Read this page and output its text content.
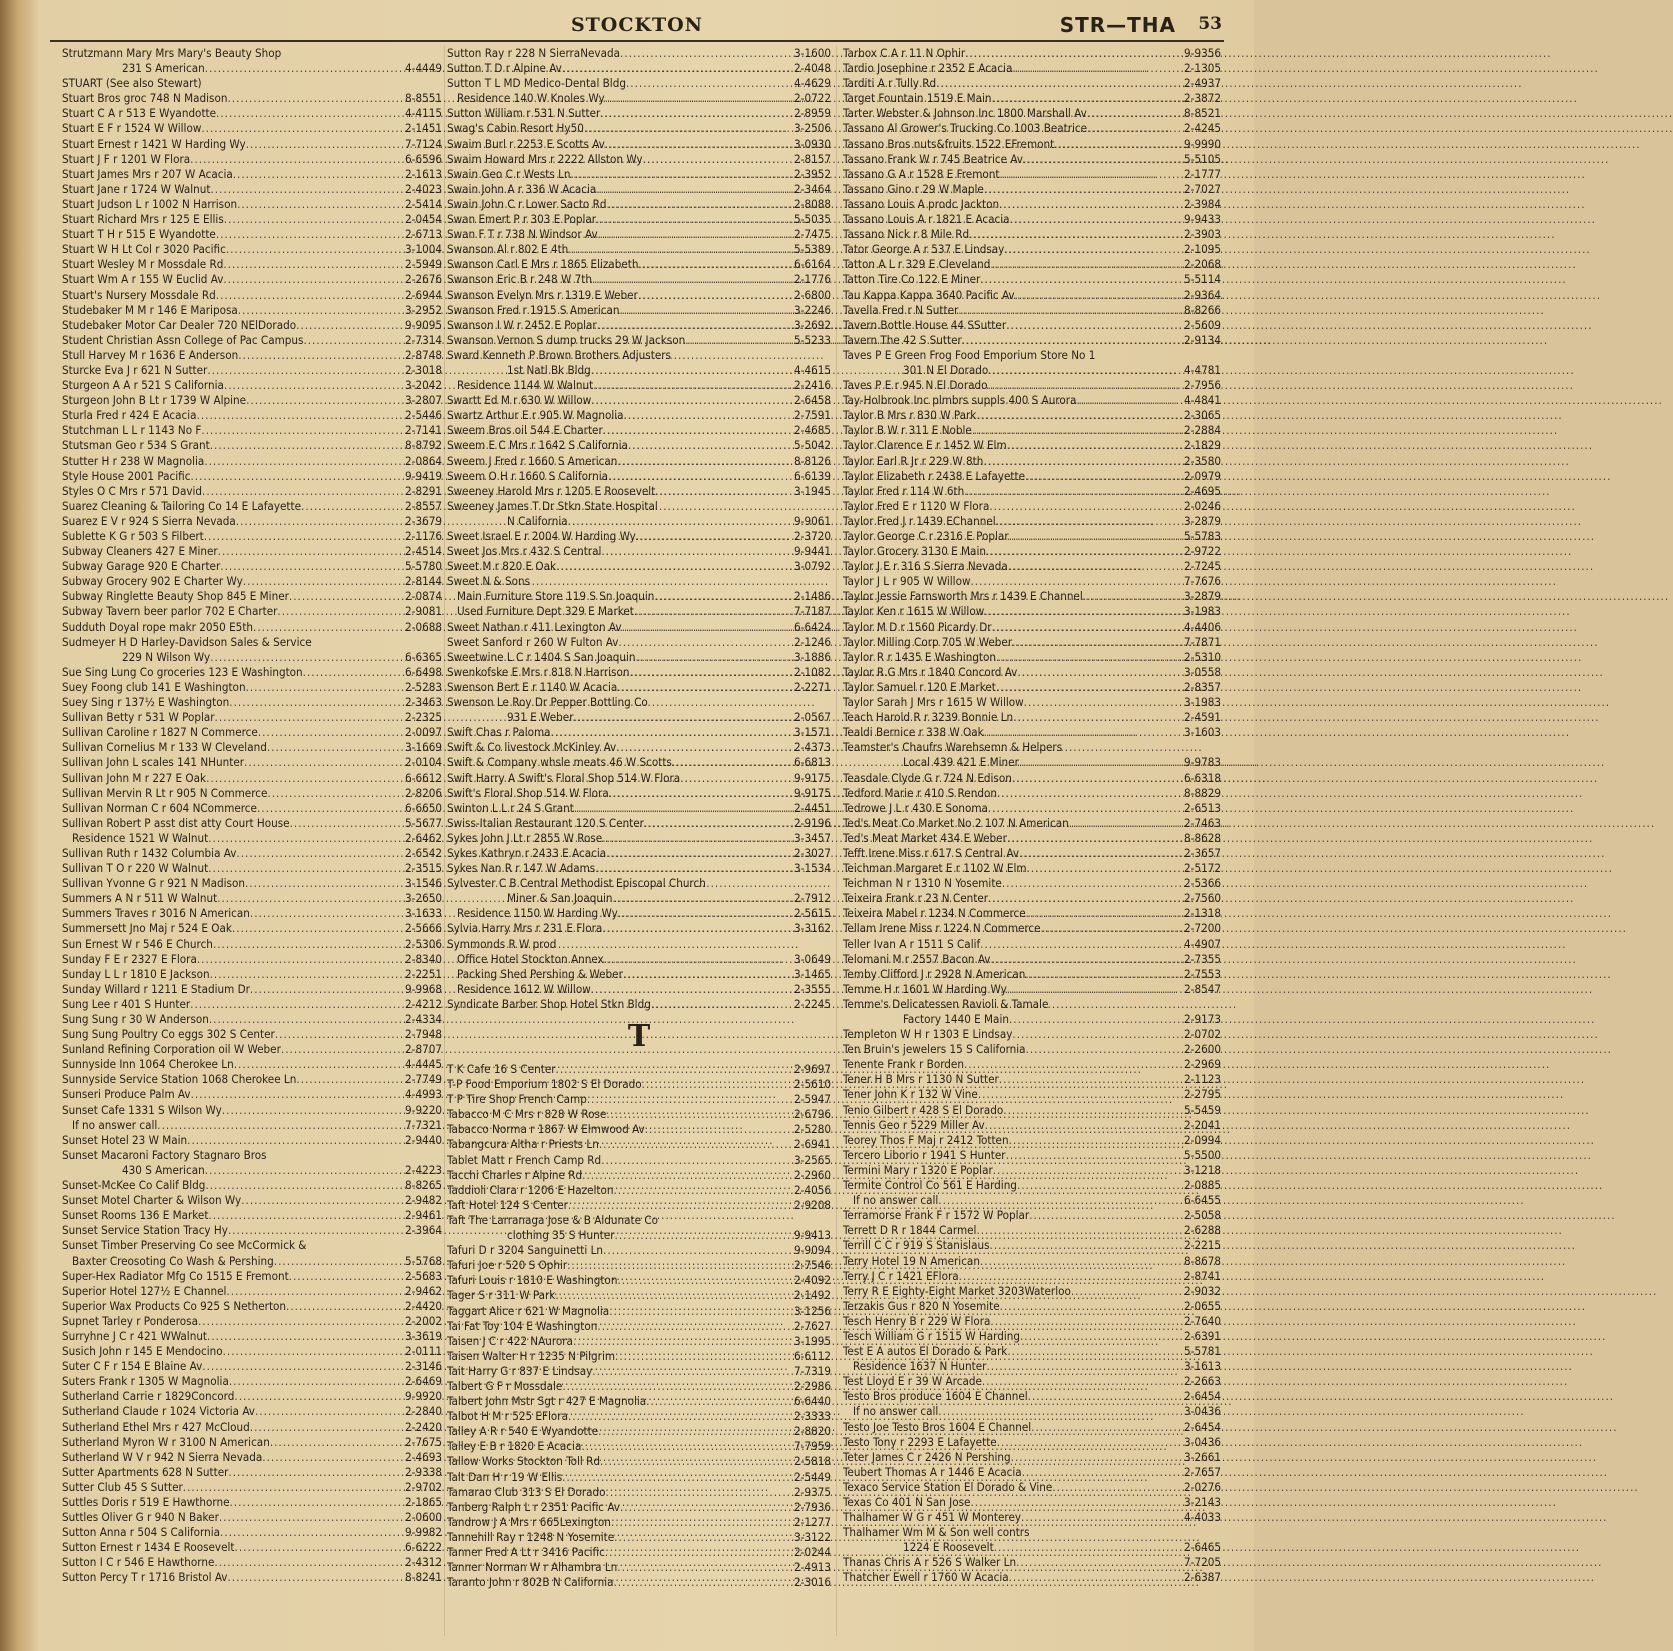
STOCKTON	STR—THA 53
Strutzmann Mary Mrs Mary's Beauty Shop
231 S American .....	4-4449
STUART (See also Stewart)
Stuart Bros groc 748 N Madison .....	8-8551
Stuart C A r 513 E Wyandotte .....	4-4115
Stuart E F r 1524 W Willow .....	2-1451
Stuart Ernest r 1421 W Harding Wy .....	7-7124
Stuart J F r 1201 W Flora .....	6-6596
Stuart James Mrs r 207 W Acacia .....	2-1613
Stuart Jane r 1724 W Walnut .....	2-4023
Stuart Judson L r 1002 N Harrison .....	2-5414
Stuart Richard Mrs r 125 E Ellis .....	2-0454
Stuart T H r 515 E Wyandotte .....	2-6713
Stuart W H Lt Col r 3020 Pacific .....	3-1004
Stuart Wesley M r Mossdale Rd .....	2-5949
Stuart Wm A r 155 W Euclid Av .....	2-2676
Stuart's Nursery Mossdale Rd .....	2-6944
Studebaker M M r 146 E Mariposa .....	3-2952
Studebaker Motor Car Dealer 720 NElDorado .....	9-9095
Student Christian Assn College of Pac Campus .....	2-7314
Stull Harvey M r 1636 E Anderson .....	2-8748
Sturcke Eva J r 621 N Sutter .....	2-3018
Sturgeon A A r 521 S California .....	3-2042
Sturgeon John B Lt r 1739 W Alpine .....	3-2807
Sturla Fred r 424 E Acacia .....	2-5446
Stutchman L L r 1143 No F .....	2-7141
Stutsman Geo r 534 S Grant .....	8-8792
Stutter H r 238 W Magnolia .....	2-0864
Style House 2001 Pacific .....	9-9419
Styles O C Mrs r 571 David .....	2-8291
Suarez Cleaning & Tailoring Co 14 E Lafayette .....	2-8557
Suarez E V r 924 S Sierra Nevada .....	2-3679
Sublette K G r 503 S Filbert .....	2-1176
Subway Cleaners 427 E Miner .....	2-4514
Subway Garage 920 E Charter .....	5-5780
Subway Grocery 902 E Charter Wy .....	2-8144
Subway Ringlette Beauty Shop 845 E Miner .....	2-0874
Subway Tavern beer parlor 702 E Charter .....	2-9081
Sudduth Doyal rope makr 2050 E5th .....	2-0688
Sudmeyer H D Harley-Davidson Sales & Service
229 N Wilson Wy .....	6-6365
Sue Sing Lung Co groceries 123 E Washington .....	6-6498
Suey Foong club 141 E Washington .....	2-5283
Suey Sing r 137½ E Washington .....	2-3463
Sullivan Betty r 531 W Poplar .....	2-2325
Sullivan Caroline r 1827 N Commerce .....	2-0097
Sullivan Cornelius M r 133 W Cleveland .....	3-1669
Sullivan John L scales 141 NHunter .....	2-0104
Sullivan John M r 227 E Oak .....	6-6612
Sullivan Mervin R Lt r 905 N Commerce .....	2-8206
Sullivan Norman C r 604 NCommerce .....	6-6650
Sullivan Robert P asst dist atty Court House .....	5-5677
Residence 1521 W Walnut .....	2-6462
Sullivan Ruth r 1432 Columbia Av .....	2-6542
Sullivan T O r 220 W Walnut .....	2-3515
Sullivan Yvonne G r 921 N Madison .....	3-1546
Summers A N r 511 W Walnut .....	3-2650
Summers Traves r 3016 N American .....	3-1633
Summersett Jno Maj r 524 E Oak .....	2-5666
Sun Ernest W r 546 E Church .....	2-5306
Sunday F E r 2327 E Flora .....	2-8340
Sunday L L r 1810 E Jackson .....	2-2251
Sunday Willard r 1211 E Stadium Dr .....	9-9968
Sung Lee r 401 S Hunter .....	2-4212
Sung Sung r 30 W Anderson .....	2-4334
Sung Sung Poultry Co eggs 302 S Center .....	2-7948
Sunland Refining Corporation oil W Weber .....	2-8707
Sunnyside Inn 1064 Cherokee Ln .....	4-4445
Sunnyside Service Station 1068 Cherokee Ln .....	2-7749
Sunseri Produce Palm Av .....	4-4993
Sunset Cafe 1331 S Wilson Wy .....	9-9220
If no answer call .....	7-7321
Sunset Hotel 23 W Main .....	2-9440
Sunset Macaroni Factory Stagnaro Bros
430 S American .....	2-4223
Sunset-McKee Co Calif Bldg .....	8-8265
Sunset Motel Charter & Wilson Wy .....	2-9482
Sunset Rooms 136 E Market .....	2-9461
Sunset Service Station Tracy Hy .....	2-3964
Sunset Timber Preserving Co see McCormick &
Baxter Creosoting Co Wash & Pershing .....	5-5768
Super-Hex Radiator Mfg Co 1515 E Fremont .....	2-5683
Superior Hotel 127½ E Channel .....	2-9462
Superior Wax Products Co 925 S Netherton .....	2-4420
Supnet Tarley r Ponderosa .....	2-2002
Surryhne J C r 421 WWalnut .....	3-3619
Susich John r 145 E Mendocino .....	2-0111
Suter C F r 154 E Blaine Av .....	2-3146
Suters Frank r 1305 W Magnolia .....	2-6469
Sutherland Carrie r 1829Concord .....	9-9920
Sutherland Claude r 1024 Victoria Av .....	2-2840
Sutherland Ethel Mrs r 427 McCloud .....	2-2420
Sutherland Myron W r 3100 N American .....	2-7675
Sutherland W V r 942 N Sierra Nevada .....	2-4693
Sutter Apartments 628 N Sutter .....	2-9338
Sutter Club 45 S Sutter .....	2-9702
Suttles Doris r 519 E Hawthorne .....	2-1865
Suttles Oliver G r 940 N Baker .....	2-0600
Sutton Anna r 504 S California .....	9-9982
Sutton Ernest r 1434 E Roosevelt .....	6-6222
Sutton I C r 546 E Hawthorne .....	2-4312
Sutton Percy T r 1716 Bristol Av .....	8-8241
Sutton Ray r 228 N SierraNevada .....	3-1600
Sutton T D r Alpine Av .....	2-4048
Sutton T L MD Medico-Dental Bldg .....	4-4629
Residence 140 W Knoles Wy .....	2-0722
Sutton William r 531 N Sutter .....	2-8959
Swag's Cabin Resort Hy50 .....	3-2506
Swaim Burl r 2253 E Scotts Av .....	3-0930
Swaim Howard Mrs r 2222 Allston Wy .....	2-8157
Swain Geo C r Wests Ln .....	2-3952
Swain John A r 336 W Acacia .....	2-3464
Swain John C r Lower Sacto Rd .....	2-8088
Swan Emert P r 303 E Poplar .....	5-5035
Swan F T r 738 N Windsor Av .....	2-7475
Swanson Al r 802 E 4th .....	5-5389
Swanson Carl E Mrs r 1865 Elizabeth .....	6-6164
Swanson Eric B r 248 W 7th .....	2-1776
Swanson Evelyn Mrs r 1319 E Weber .....	2-6800
Swanson Fred r 1915 S American .....	3-2246
Swanson I W r 2452 E Poplar .....	3-2692
Swanson Vernon S dump trucks 29 W Jackson .....	5-5233
Sward Kenneth P Brown Brothers Adjusters
1st Natl Bk Bldg .....	4-4615
Residence 1144 W Walnut .....	2-2416
Swartt Ed M r 630 W Willow .....	2-6458
Swartz Arthur E r 905 W Magnolia .....	2-7591
Sweem Bros oil 544 E Charter .....	2-4685
Sweem E C Mrs r 1642 S California .....	5-5042
Sweem J Fred r 1660 S American .....	8-8126
Sweem O H r 1660 S California .....	6-6139
Sweeney Harold Mrs r 1205 E Roosevelt .....	3-1945
Sweeney James T Dr Stkn State Hospital
N California .....	9-9061
Sweet Israel E r 2004 W Harding Wy .....	2-3720
Sweet Jos Mrs r 432 S Central .....	9-9441
Sweet M r 820 E Oak .....	3-0792
Sweet N & Sons
Main Furniture Store 119 S Sn Joaquin .....	2-1486
Used Furniture Dept 329 E Market .....	7-7187
Sweet Nathan r 411 Lexington Av .....	6-6424
Sweet Sanford r 260 W Fulton Av .....	2-1246
Sweetwine L C r 1404 S San Joaquin .....	3-1886
Swenkofske E Mrs r 818 N Harrison .....	2-1082
Swenson Bert E r 1140 W Acacia .....	2-2271
Swenson Le Roy Dr Pepper Bottling Co
931 E Weber .....	2-0567
Swift Chas r Paloma .....	3-1571
Swift & Co livestock McKinley Av .....	2-4373
Swift & Company whsle meats 46 W Scotts .....	6-6813
Swift Harry A Swift's Floral Shop 514 W Flora .....	9-9175
Swift's Floral Shop 514 W Flora .....	9-9175
Swinton L L r 24 S Grant .....	2-4451
Swiss-Italian Restaurant 120 S Center .....	2-9196
Sykes John J Lt r 2855 W Rose .....	3-3457
Sykes Kathryn r 2433 E Acacia .....	2-3027
Sykes Nan R r 147 W Adams .....	3-1534
Sylvester C B Central Methodist Episcopal Church
Miner & San Joaquin .....	2-7912
Residence 1150 W Harding Wy .....	2-5615
Sylvia Harry Mrs r 231 E Flora .....	3-3162
Symmonds R W prod
Office Hotel Stockton Annex .....	3-0649
Packing Shed Pershing & Weber .....	3-1465
Residence 1612 W Willow .....	2-3555
Syndicate Barber Shop Hotel Stkn Bldg .....	2-2245
T
T K Cafe 16 S Center .....	2-9697
T-P Food Emporium 1802 S El Dorado .....	2-5610
T P Tire Shop French Camp .....	2-5947
Tabacco M C Mrs r 828 W Rose .....	2-6796
Tabacco Norma r 1867 W Elmwood Av .....	2-5280
Tabangcura Altha r Priests Ln .....	2-6941
Tablet Matt r French Camp Rd .....	3-2565
Tacchi Charles r Alpine Rd .....	2-2960
Taddioli Clara r 1206 E Hazelton .....	2-4056
Taft Hotel 124 S Center .....	2-9208
Taft The Larranaga Jose & B Aldunate Co
clothing 35 S Hunter .....	9-9413
Tafuri D r 3204 Sanguinetti Ln .....	9-9094
Tafuri Joe r 520 S Ophir .....	2-7546
Tafuri Louis r 1810 E Washington .....	2-4092
Tager S r 311 W Park .....	2-1492
Taggart Alice r 621 W Magnolia .....	3-1256
Tai Fat Toy 104 E Washington .....	2-7627
Taisen J C r 422 NAurora .....	3-1995
Taisen Walter H r 1235 N Pilgrim .....	6-6112
Tait Harry G r 837 E Lindsay .....	7-7319
Talbert G F r Mossdale .....	2-2986
Talbert John Mstr Sgt r 427 E Magnolia .....	6-6440
Talbot H M r 525 EFlora .....	2-3333
Talley A R r 540 E Wyandotte .....	2-8820
Talley E B r 1820 E Acacia .....	7-7959
Tallow Works Stockton Toll Rd .....	2-5818
Talt Dan H r 19 W Ellis .....	2-5449
Tamarao Club 313 S El Dorado .....	2-9375
Tanberg Ralph L r 2351 Pacific Av .....	2-7936
Tandrow J A Mrs r 665Lexington .....	2-1277
Tannehill Ray r 1248 N Yosemite .....	3-3122
Tanner Fred A Lt r 3416 Pacific .....	2-0244
Tanner Norman W r Alhambra Ln .....	2-4913
Taranto John r 802B N California .....	2-3016
Tarbox C A r 11 N Ophir .....	9-9356
Tardio Josephine r 2352 E Acacia .....	2-1305
Tarditi A r Tully Rd .....	2-4937
Target Fountain 1519 E Main .....	2-3872
Tarter Webster & Johnson Inc 1800 Marshall Av .....	8-8521
Tassano Al Grower's Trucking Co 1003 Beatrice .....	2-4245
Tassano Bros nuts&fruits 1522 EFremont .....	9-9990
Tassano Frank W r 745 Beatrice Av .....	5-5105
Tassano G A r 1528 E Fremont .....	2-1777
Tassano Gino r 29 W Maple .....	2-7027
Tassano Louis A prodc Jackton .....	2-3984
Tassano Louis A r 1821 E Acacia .....	9-9433
Tassano Nick r 8 Mile Rd .....	2-3903
Tator George A r 537 E Lindsay .....	2-1095
Tatton A L r 329 E Cleveland .....	2-2068
Tatton Tire Co 122 E Miner .....	5-5114
Tau Kappa Kappa 3640 Pacific Av .....	2-9364
Tavella Fred r N Sutter .....	8-8266
Tavern Bottle House 44 SSutter .....	2-5609
Tavern The 42 S Sutter .....	2-9134
Taves P E Green Frog Food Emporium Store No 1
301 N El Dorado .....	4-4781
Taves P E r 945 N El Dorado .....	2-7956
Tay-Holbrook Inc plmbrs suppls 400 S Aurora .....	4-4841
Taylor B Mrs r 830 W Park .....	2-3065
Taylor B W r 311 E Noble .....	2-2884
Taylor Clarence E r 1452 W Elm .....	2-1829
Taylor Earl R Jr r 229 W 8th .....	2-3580
Taylor Elizabeth r 2438 E Lafayette .....	2-0979
Taylor Fred r 114 W 6th .....	2-4695
Taylor Fred E r 1120 W Flora .....	2-0246
Taylor Fred J r 1439 EChannel .....	3-2879
Taylor George C r 2316 E Poplar .....	5-5783
Taylor Grocery 3130 E Main .....	2-9722
Taylor J E r 316 S Sierra Nevada .....	2-7245
Taylor J L r 905 W Willow .....	7-7676
Taylor Jessie Farnsworth Mrs r 1439 E Channel .....	3-2879
Taylor Ken r 1615 W Willow .....	3-1983
Taylor M D r 1560 Picardy Dr .....	4-4406
Taylor Milling Corp 705 W Weber .....	7-7871
Taylor R r 1435 E Washington .....	2-5310
Taylor R G Mrs r 1840 Concord Av .....	3-0558
Taylor Samuel r 120 E Market .....	2-8357
Taylor Sarah J Mrs r 1615 W Willow .....	3-1983
Teach Harold R r 3239 Bonnie Ln .....	2-4591
Tealdi Bernice r 338 W Oak .....	3-1603
Teamster's Chaufrs Warehsemn & Helpers
Local 439 421 E Miner .....	9-9783
Teasdale Clyde G r 724 N Edison .....	6-6318
Tedford Marie r 410 S Rendon .....	8-8829
Tedrowe J L r 430 E Sonoma .....	2-6513
Ted's Meat Co Market No 2 107 N American .....	2-7463
Ted's Meat Market 434 E Weber .....	8-8628
Tefft Irene Miss r 617 S Central Av .....	2-3657
Teichman Margaret E r 1102 W Elm .....	2-5172
Teichman N r 1310 N Yosemite .....	2-5366
Teixeira Frank r 23 N Center .....	2-7560
Teixeira Mabel r 1234 N Commerce .....	2-1318
Tellam Irene Miss r 1224 N Commerce .....	2-7200
Teller Ivan A r 1511 S Calif .....	4-4907
Telomani M r 2557 Bacon Av .....	2-7355
Temby Clifford J r 2928 N American .....	2-7553
Temme H r 1601 W Harding Wy .....	2-8547
Temme's Delicatessen Ravioli & Tamale
Factory 1440 E Main .....	2-9173
Templeton W H r 1303 E Lindsay .....	2-0702
Ten Bruin's jewelers 15 S California .....	2-2600
Tenente Frank r Borden .....	2-2969
Tener H B Mrs r 1130 N Sutter .....	2-1123
Tener John K r 132 W Vine .....	2-2795
Tenio Gilbert r 428 S El Dorado .....	5-5459
Tennis Geo r 5229 Miller Av .....	2-2041
Teorey Thos F Maj r 2412 Totten .....	2-0994
Tercero Liborio r 1941 S Hunter .....	5-5500
Termini Mary r 1320 E Poplar .....	3-1218
Termite Control Co 561 E Harding .....	2-0885
If no answer call .....	6-6455
Terramorse Frank F r 1572 W Poplar .....	2-5058
Terrett D R r 1844 Carmel .....	2-6288
Terrill C C r 919 S Stanislaus .....	2-2215
Terry Hotel 19 N American .....	8-8678
Terry J C r 1421 EFlora .....	2-8741
Terry R E Eighty-Eight Market 3203Waterloo .....	2-9032
Terzakis Gus r 820 N Yosemite .....	2-0655
Tesch Henry B r 229 W Flora .....	2-7640
Tesch William G r 1515 W Harding .....	2-6391
Test E A autos El Dorado & Park .....	5-5781
Residence 1637 N Hunter .....	3-1613
Test Lloyd E r 39 W Arcade .....	2-2663
Testo Bros produce 1604 E Channel .....	2-6454
If no answer call .....	3-0436
Testo Joe Testo Bros 1604 E Channel .....	2-6454
Testo Tony r 2293 E Lafayette .....	3-0436
Teter James C r 2426 N Pershing .....	3-2661
Teubert Thomas A r 1446 E Acacia .....	2-7657
Texaco Service Station El Dorado & Vine .....	2-0276
Texas Co 401 N San Jose .....	3-2143
Thalhamer W G r 451 W Monterey .....	4-4033
Thalhamer Wm M & Son well contrs
1224 E Roosevelt .....	2-6465
Thanas Chris A r 526 S Walker Ln .....	7-7205
Thatcher Ewell r 1760 W Acacia .....	2-6387
